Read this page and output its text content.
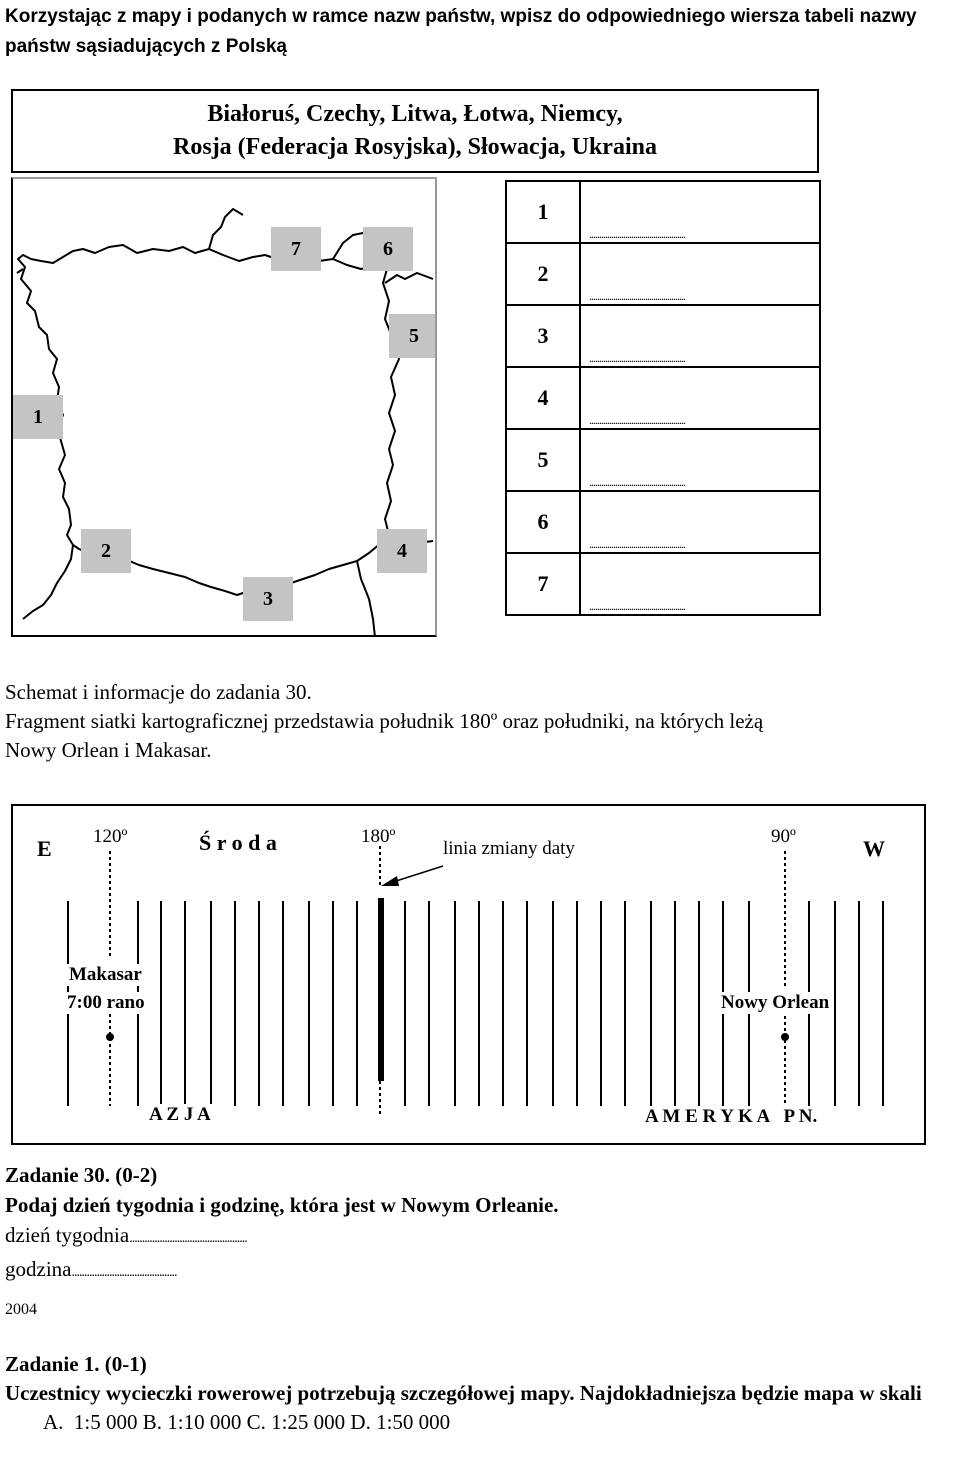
Korzystając z mapy i podanych w ramce nazw państw, wpisz do odpowiedniego wiersza tabeli nazwy państw sąsiadujących z Polską
Białoruś, Czechy, Litwa, Łotwa, Niemcy,
Rosja (Federacja Rosyjska), Słowacja, Ukraina
7	6
5
1
2	4
3
1	................................................

2	................................................

3	................................................

4	................................................

5	................................................

6	................................................

7	................................................
Schemat i informacje do zadania 30.
Fragment siatki kartograficznej przedstawia południk 180º oraz południki, na których leżą
Nowy Orlean i Makasar.
E	W
120º	Ś r o d a	180º
linia zmiany daty
90º
Makasar
7:00 rano	Nowy Orlean
A Z J A	A M E R Y K A   P N.
Zadanie 30. (0-2)
Podaj dzień tygodnia i godzinę, która jest w Nowym Orleanie.
dzień tygodnia...............................................
godzina..........................................
2004
Zadanie 1. (0-1)
Uczestnicy wycieczki rowerowej potrzebują szczegółowej mapy. Najdokładniejsza będzie mapa w skali
A.  1:5 000 B. 1:10 000 C. 1:25 000 D. 1:50 000
